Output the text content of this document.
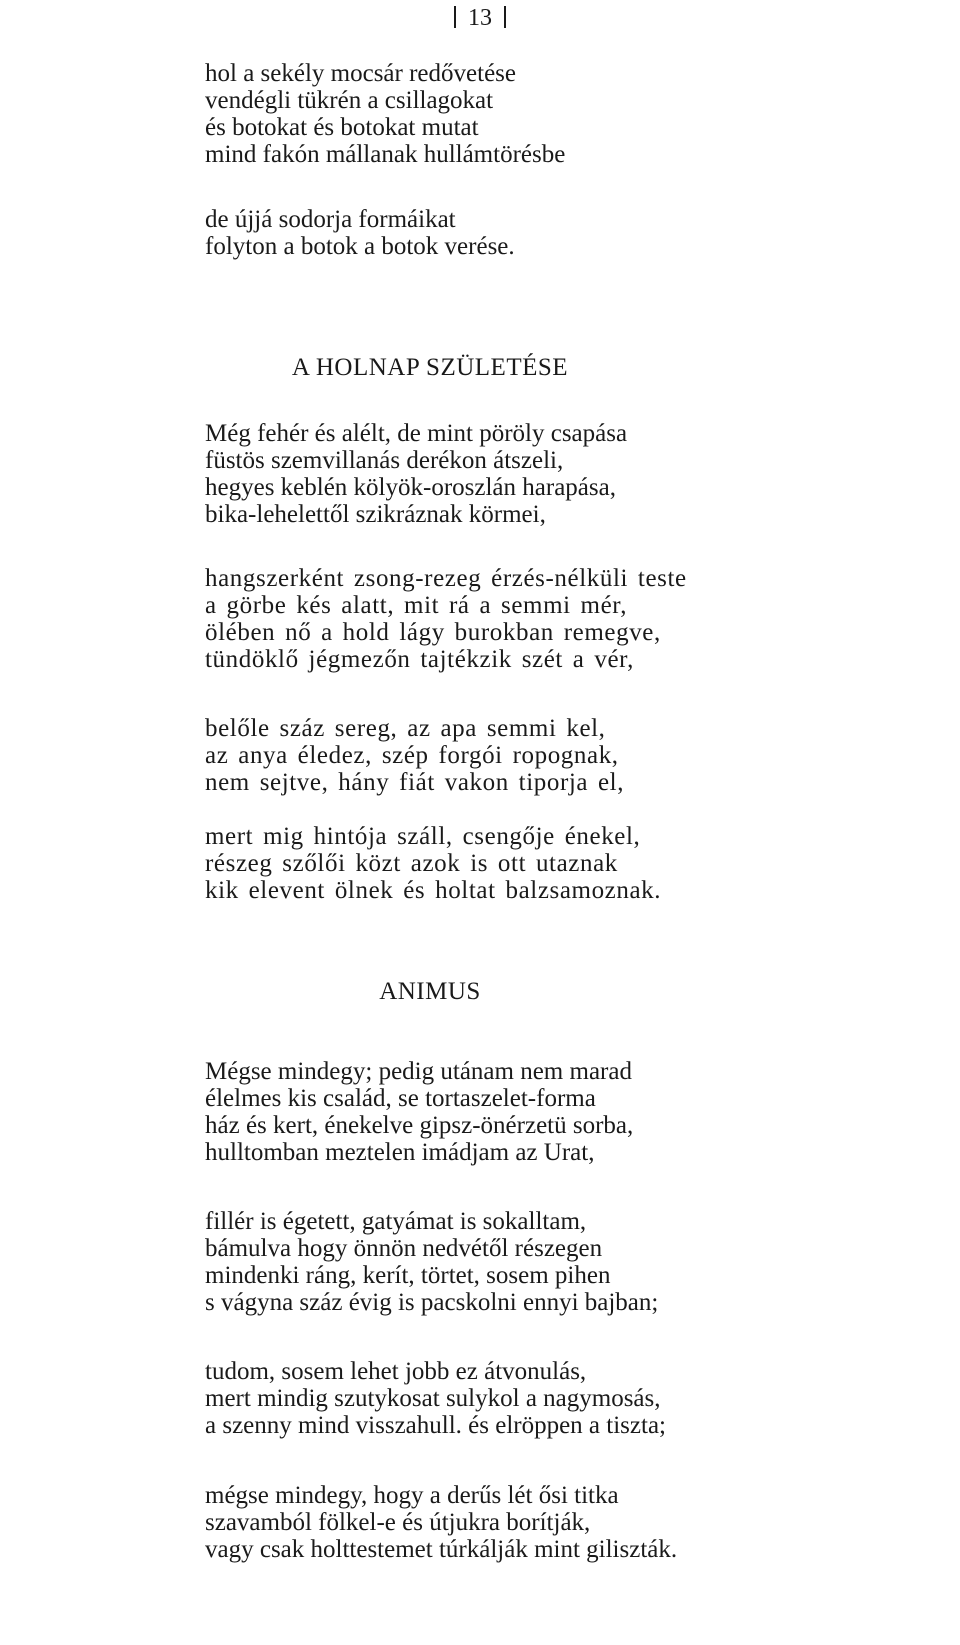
13
hol a sekély mocsár redővetése
vendégli tükrén a csillagokat
és botokat és botokat mutat
mind fakón mállanak hullámtörésbe
de újjá sodorja formáikat
folyton a botok a botok verése.
A HOLNAP SZÜLETÉSE
Még fehér és alélt, de mint pöröly csapása
füstös szemvillanás derékon átszeli,
hegyes keblén kölyök-oroszlán harapása,
bika-lehelettől szikráznak körmei,
hangszerként zsong-rezeg érzés-nélküli teste
a görbe kés alatt, mit rá a semmi mér,
ölében nő a hold lágy burokban remegve,
tündöklő jégmezőn tajtékzik szét a vér,
belőle száz sereg, az apa semmi kel,
az anya éledez, szép forgói ropognak,
nem sejtve, hány fiát vakon tiporja el,
mert mig hintója száll, csengője énekel,
részeg szőlői közt azok is ott utaznak
kik elevent ölnek és holtat balzsamoznak.
ANIMUS
Mégse mindegy; pedig utánam nem marad
élelmes kis család, se tortaszelet-forma
ház és kert, énekelve gipsz-önérzetü sorba,
hulltomban meztelen imádjam az Urat,
fillér is égetett, gatyámat is sokalltam,
bámulva hogy önnön nedvétől részegen
mindenki ráng, kerít, törtet, sosem pihen
s vágyna száz évig is pacskolni ennyi bajban;
tudom, sosem lehet jobb ez átvonulás,
mert mindig szutykosat sulykol a nagymosás,
a szenny mind visszahull. és elröppen a tiszta;
mégse mindegy, hogy a derűs lét ősi titka
szavamból fölkel-e és útjukra borítják,
vagy csak holttestemet túrkálják mint giliszták.
